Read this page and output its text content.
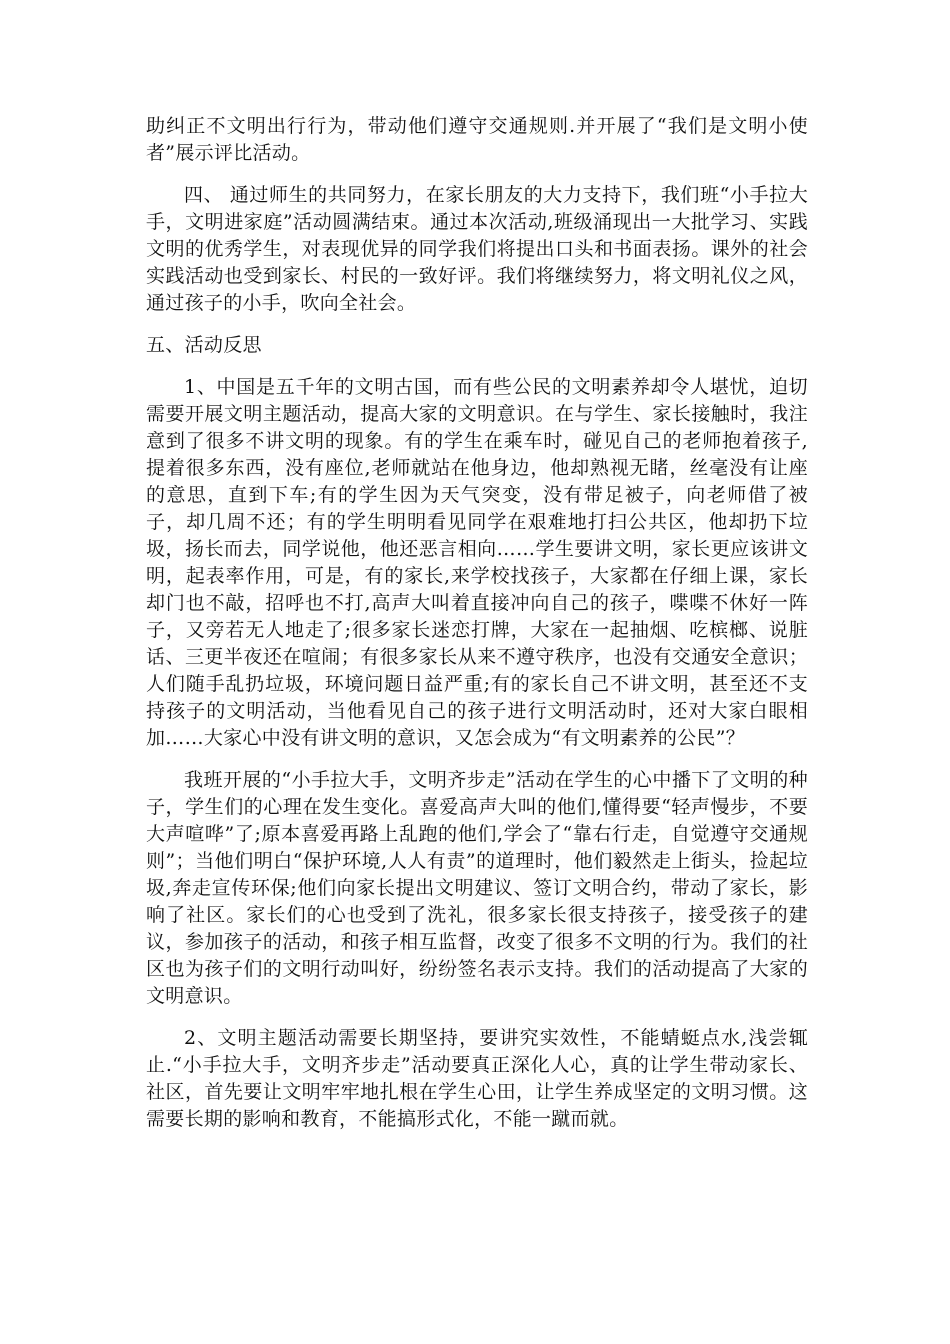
助纠正不文明出行行为，带动他们遵守交通规则.并开展了“我们是文明小使者”展示评比活动。

四、 通过师生的共同努力，在家长朋友的大力支持下，我们班“小手拉大手，文明进家庭”活动圆满结束。通过本次活动,班级涌现出一大批学习、实践文明的优秀学生，对表现优异的同学我们将提出口头和书面表扬。课外的社会实践活动也受到家长、村民的一致好评。我们将继续努力，将文明礼仪之风，通过孩子的小手，吹向全社会。

五、活动反思

1、中国是五千年的文明古国，而有些公民的文明素养却令人堪忧，迫切需要开展文明主题活动，提高大家的文明意识。在与学生、家长接触时，我注意到了很多不讲文明的现象。有的学生在乘车时，碰见自己的老师抱着孩子,提着很多东西，没有座位,老师就站在他身边，他却熟视无睹，丝毫没有让座的意思，直到下车;有的学生因为天气突变，没有带足被子，向老师借了被子，却几周不还；有的学生明明看见同学在艰难地打扫公共区，他却扔下垃圾，扬长而去，同学说他，他还恶言相向……学生要讲文明，家长更应该讲文明，起表率作用，可是，有的家长,来学校找孩子，大家都在仔细上课，家长却门也不敲，招呼也不打,高声大叫着直接冲向自己的孩子，喋喋不休好一阵子，又旁若无人地走了;很多家长迷恋打牌，大家在一起抽烟、吃槟榔、说脏话、三更半夜还在喧闹；有很多家长从来不遵守秩序，也没有交通安全意识；人们随手乱扔垃圾，环境问题日益严重;有的家长自己不讲文明，甚至还不支持孩子的文明活动，当他看见自己的孩子进行文明活动时，还对大家白眼相加……大家心中没有讲文明的意识，又怎会成为“有文明素养的公民”？

我班开展的“小手拉大手，文明齐步走”活动在学生的心中播下了文明的种子，学生们的心理在发生变化。喜爱高声大叫的他们,懂得要“轻声慢步，不要大声喧哗”了;原本喜爱再路上乱跑的他们,学会了“靠右行走，自觉遵守交通规则”；当他们明白“保护环境,人人有责”的道理时，他们毅然走上街头，捡起垃圾,奔走宣传环保;他们向家长提出文明建议、签订文明合约，带动了家长，影响了社区。家长们的心也受到了洗礼，很多家长很支持孩子，接受孩子的建议，参加孩子的活动，和孩子相互监督，改变了很多不文明的行为。我们的社区也为孩子们的文明行动叫好，纷纷签名表示支持。我们的活动提高了大家的文明意识。

2、文明主题活动需要长期坚持，要讲究实效性，不能蜻蜓点水,浅尝辄止.“小手拉大手，文明齐步走”活动要真正深化人心，真的让学生带动家长、社区，首先要让文明牢牢地扎根在学生心田，让学生养成坚定的文明习惯。这需要长期的影响和教育，不能搞形式化，不能一蹴而就。
